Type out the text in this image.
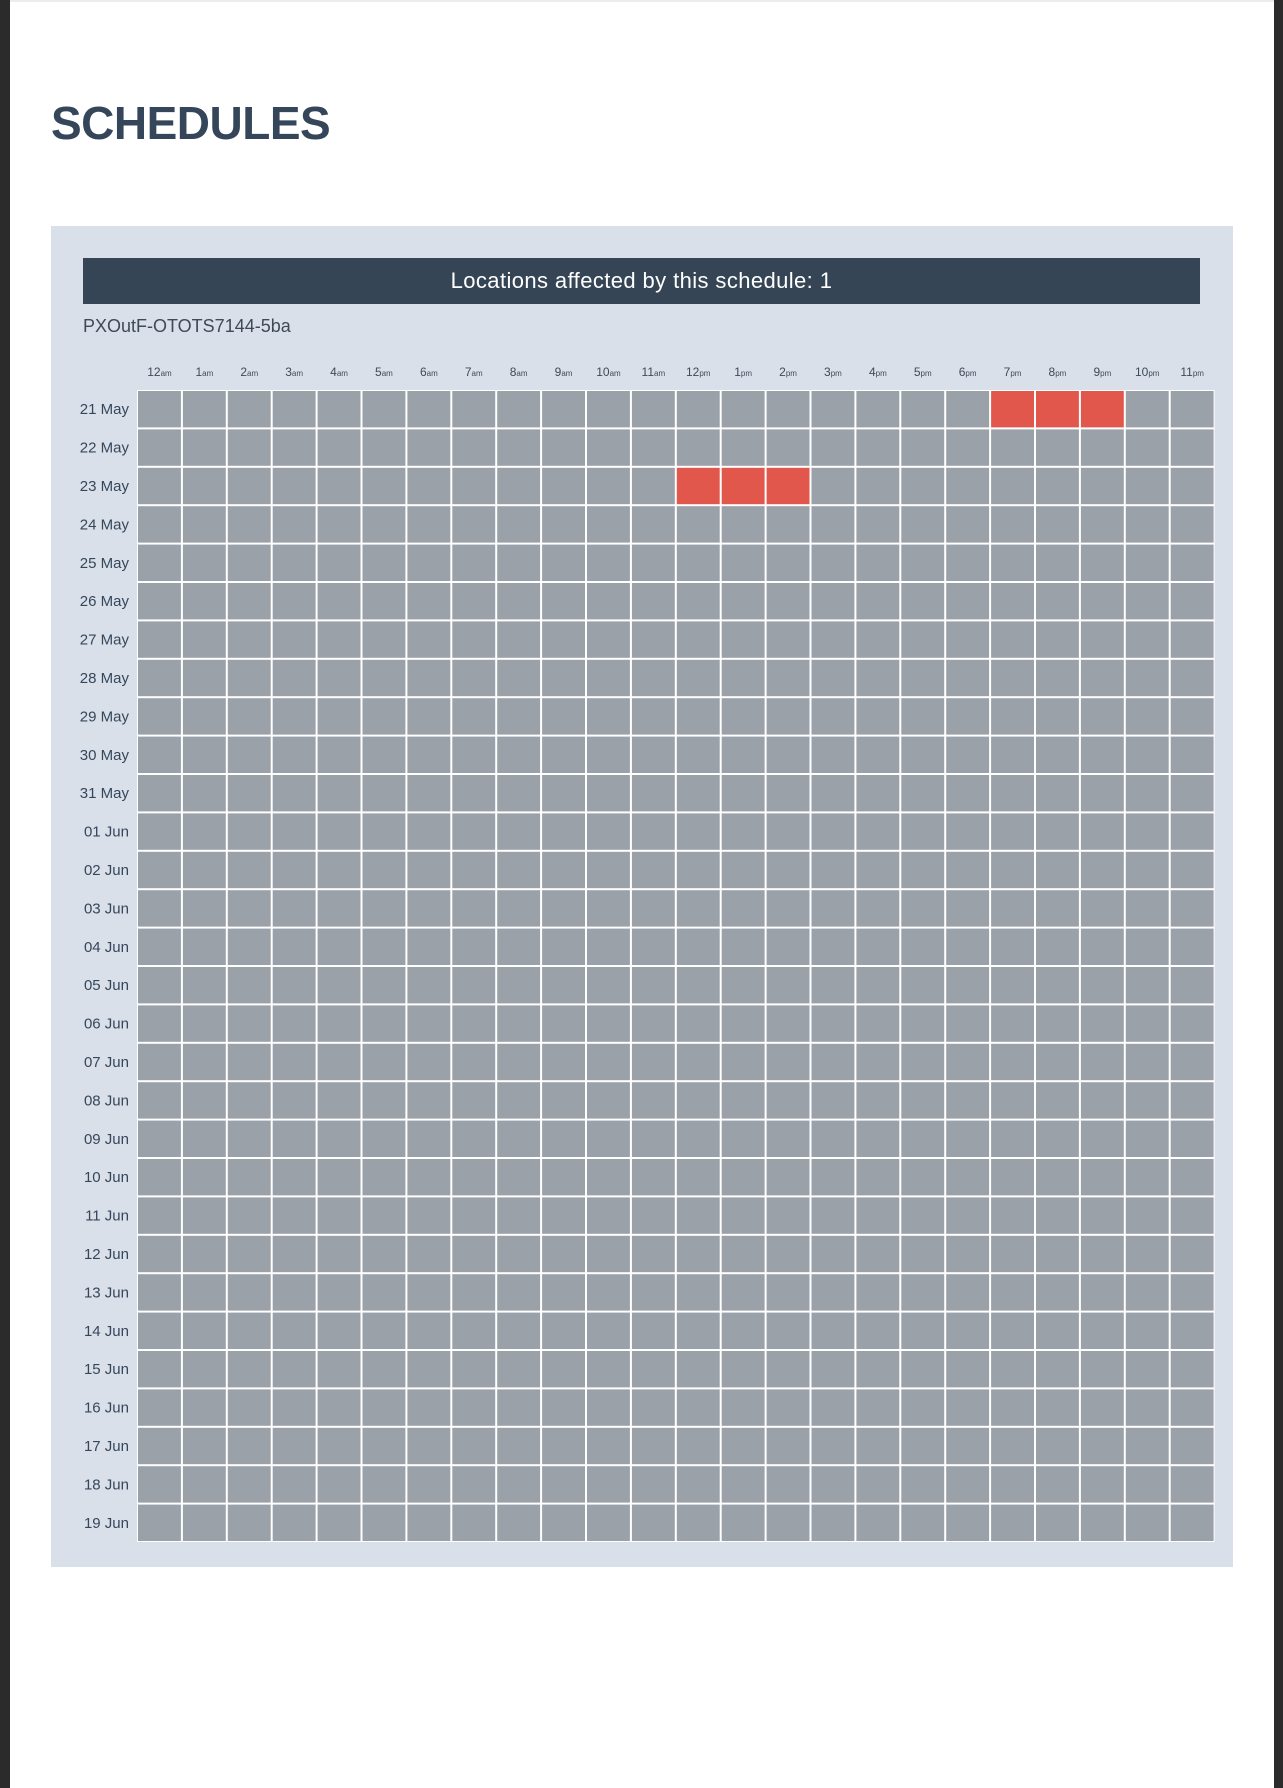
SCHEDULES
Locations affected by this schedule: 1
PXOutF-OTOTS7144-5ba
12am 1am 2am 3am 4am 5am 6am 7am 8am 9am 10am 11am 12pm 1pm 2pm 3pm 4pm 5pm 6pm 7pm 8pm 9pm 10pm 11pm
21 May
22 May
23 May
24 May
25 May
26 May
27 May
28 May
29 May
30 May
31 May
01 Jun
02 Jun
03 Jun
04 Jun
05 Jun
06 Jun
07 Jun
08 Jun
09 Jun
10 Jun
11 Jun
12 Jun
13 Jun
14 Jun
15 Jun
16 Jun
17 Jun
18 Jun
19 Jun
